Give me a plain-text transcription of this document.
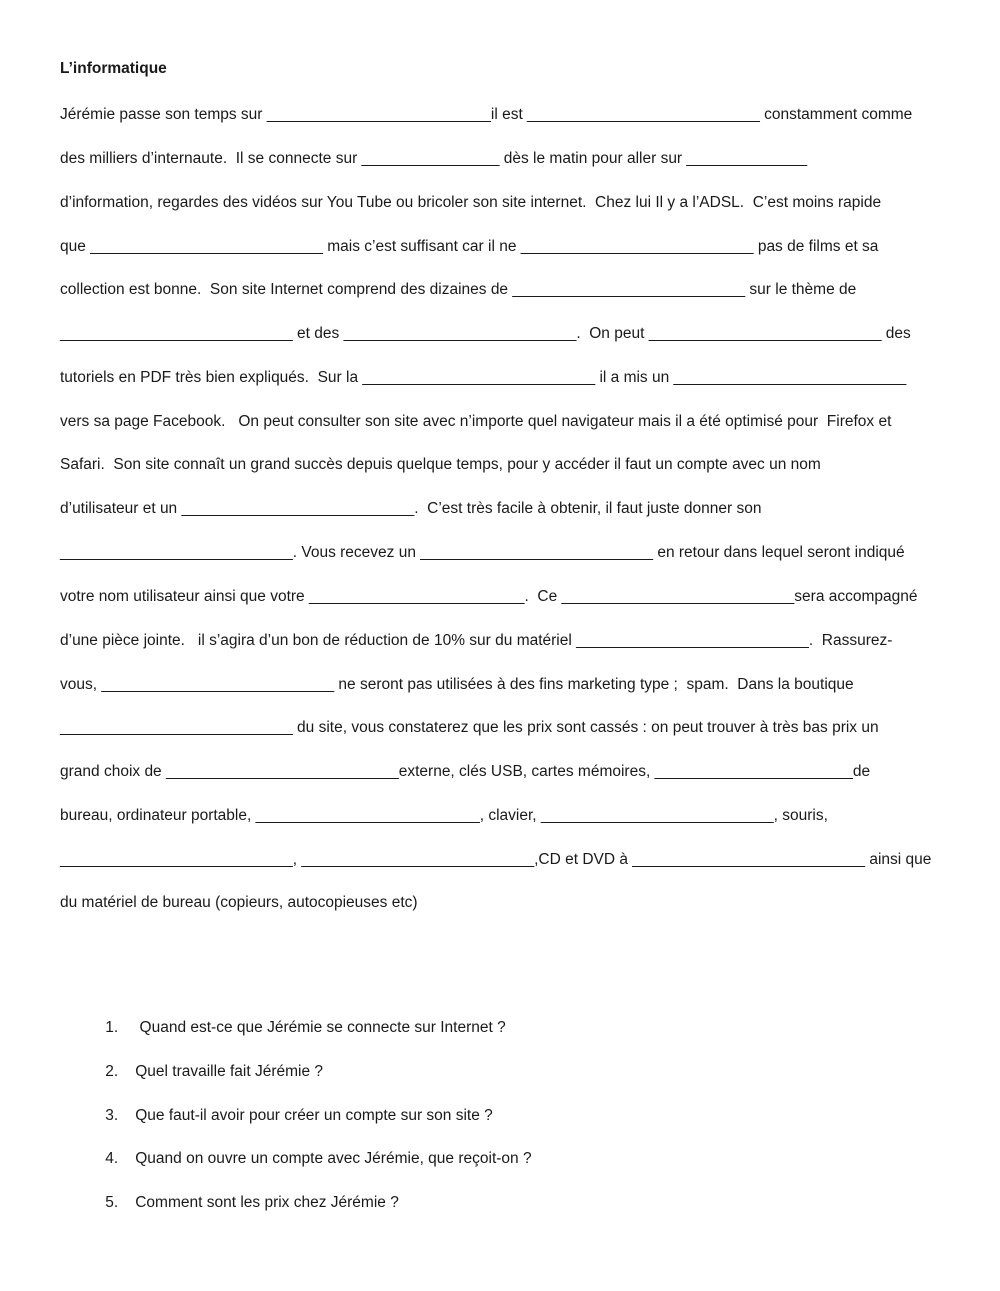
L’informatique
Jérémie passe son temps sur __________________________il est ___________________________ constamment comme
des milliers d’internaute.  Il se connecte sur ________________ dès le matin pour aller sur ______________
d’information, regardes des vidéos sur You Tube ou bricoler son site internet.  Chez lui Il y a l’ADSL.  C’est moins rapide
que ___________________________ mais c’est suffisant car il ne ___________________________ pas de films et sa
collection est bonne.  Son site Internet comprend des dizaines de ___________________________ sur le thème de
___________________________ et des ___________________________.  On peut ___________________________ des
tutoriels en PDF très bien expliqués.  Sur la ___________________________ il a mis un ___________________________
vers sa page Facebook.   On peut consulter son site avec n’importe quel navigateur mais il a été optimisé pour  Firefox et
Safari.  Son site connaît un grand succès depuis quelque temps, pour y accéder il faut un compte avec un nom
d’utilisateur et un ___________________________.  C’est très facile à obtenir, il faut juste donner son
___________________________. Vous recevez un ___________________________ en retour dans lequel seront indiqué
votre nom utilisateur ainsi que votre _________________________.  Ce ___________________________sera accompagné
d’une pièce jointe.   il s’agira d’un bon de réduction de 10% sur du matériel ___________________________.  Rassurez-
vous, ___________________________ ne seront pas utilisées à des fins marketing type ;  spam.  Dans la boutique
___________________________ du site, vous constaterez que les prix sont cassés : on peut trouver à très bas prix un
grand choix de ___________________________externe, clés USB, cartes mémoires, _______________________de
bureau, ordinateur portable, __________________________, clavier, ___________________________, souris,
___________________________, ___________________________,CD et DVD à ___________________________ ainsi que
du matériel de bureau (copieurs, autocopieuses etc)

1. Quand est-ce que Jérémie se connecte sur Internet ?

2. Quel travaille fait Jérémie ?

3. Que faut-il avoir pour créer un compte sur son site ?

4. Quand on ouvre un compte avec Jérémie, que reçoit-on ?

5. Comment sont les prix chez Jérémie ?
